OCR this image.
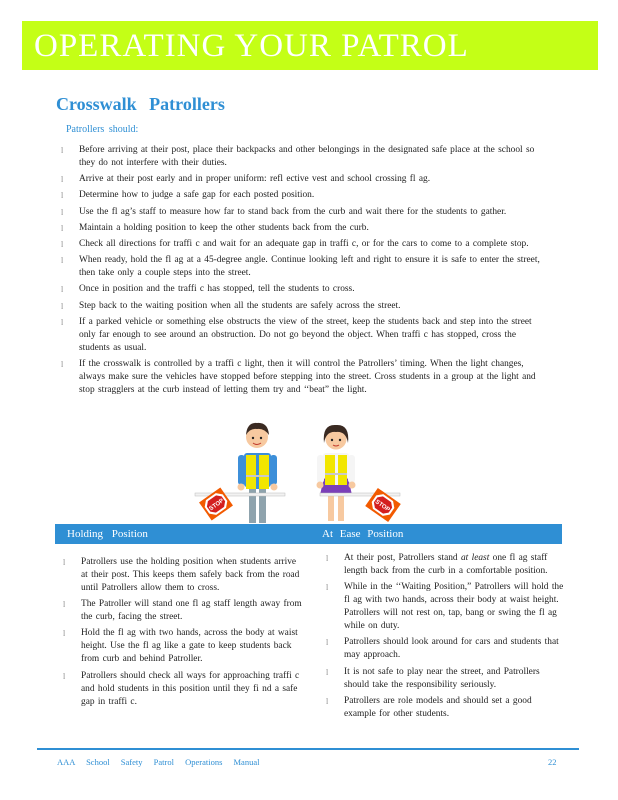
OPERATING YOUR PATROL
Crosswalk Patrollers
Patrollers should:
l Before arriving at their post, place their backpacks and other belongings in the designated safe place at the school so they do not interfere with their duties.
l Arrive at their post early and in proper uniform: refl ective vest and school crossing fl ag.
l Determine how to judge a safe gap for each posted position.
l Use the fl ag’s staff to measure how far to stand back from the curb and wait there for the students to gather.
l Maintain a holding position to keep the other students back from the curb.
l Check all directions for traffi c and wait for an adequate gap in traffi c, or for the cars to come to a complete stop.
l When ready, hold the fl ag at a 45-degree angle. Continue looking left and right to ensure it is safe to enter the street, then take only a couple steps into the street.
l Once in position and the traffi c has stopped, tell the students to cross.
l Step back to the waiting position when all the students are safely across the street.
l If a parked vehicle or something else obstructs the view of the street, keep the students back and step into the street only far enough to see around an obstruction. Do not go beyond the object. When traffi c has stopped, cross the students as usual.
l If the crosswalk is controlled by a traffi c light, then it will control the Patrollers’ timing. When the light changes, always make sure the vehicles have stopped before stepping into the street. Cross students in a group at the light and stop stragglers at the curb instead of letting them try and ‘‘beat” the light.
STOP	STOP
Holding Position	At Ease Position
l Patrollers use the holding position when students arrive at their post. This keeps them safely back from the road until Patrollers allow them to cross.
l The Patroller will stand one fl ag staff length away from the curb, facing the street.
l Hold the fl ag with two hands, across the body at waist height. Use the fl ag like a gate to keep students back from curb and behind Patroller.
l Patrollers should check all ways for approaching traffi c and hold students in this position until they fi nd a safe gap in traffi c.
l At their post, Patrollers stand at least one fl ag staff length back from the curb in a comfortable position.
l While in the ‘‘Waiting Position,” Patrollers will hold the fl ag with two hands, across their body at waist height. Patrollers will not rest on, tap, bang or swing the fl ag while on duty.
l Patrollers should look around for cars and students that may approach.
l It is not safe to play near the street, and Patrollers should take the responsibility seriously.
l Patrollers are role models and should set a good example for other students.
AAA School Safety Patrol Operations Manual	22
